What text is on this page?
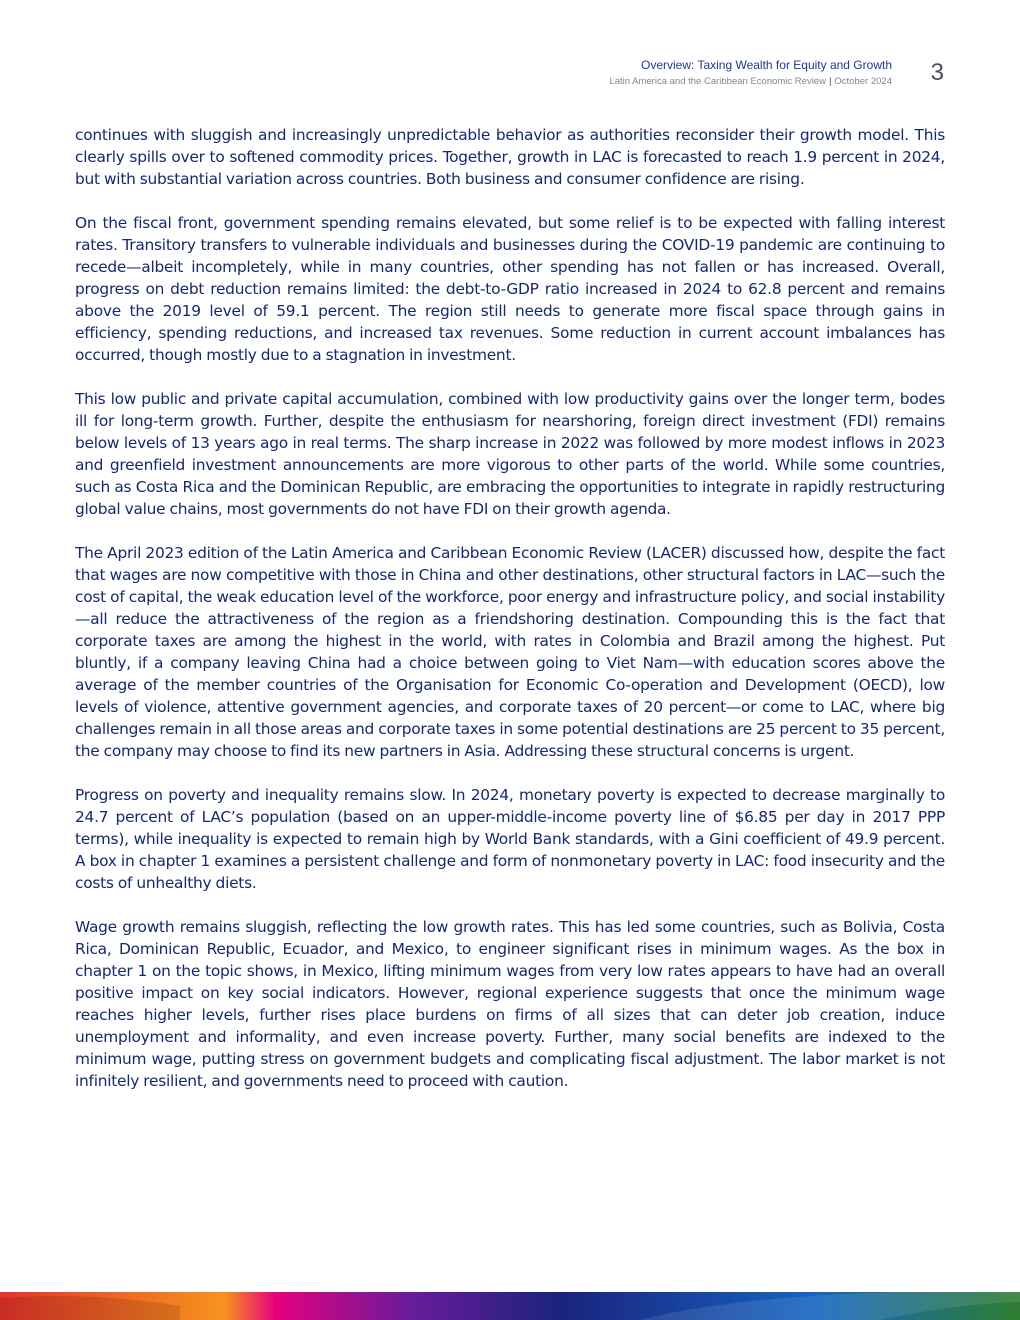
Overview: Taxing Wealth for Equity and Growth
Latin America and the Caribbean Economic Review | October 2024 3

continues with sluggish and increasingly unpredictable behavior as authorities reconsider their growth model. This clearly spills over to softened commodity prices. Together, growth in LAC is forecasted to reach 1.9 percent in 2024, but with substantial variation across countries. Both business and consumer confidence are rising.

On the fiscal front, government spending remains elevated, but some relief is to be expected with falling interest rates. Transitory transfers to vulnerable individuals and businesses during the COVID-19 pandemic are continuing to recede—albeit incompletely, while in many countries, other spending has not fallen or has increased. Overall, progress on debt reduction remains limited: the debt-to-GDP ratio increased in 2024 to 62.8 percent and remains above the 2019 level of 59.1 percent. The region still needs to generate more fiscal space through gains in efficiency, spending reductions, and increased tax revenues. Some reduction in current account imbalances has occurred, though mostly due to a stagnation in investment.

This low public and private capital accumulation, combined with low productivity gains over the longer term, bodes ill for long-term growth. Further, despite the enthusiasm for nearshoring, foreign direct investment (FDI) remains below levels of 13 years ago in real terms. The sharp increase in 2022 was followed by more modest inflows in 2023 and greenfield investment announcements are more vigorous to other parts of the world. While some countries, such as Costa Rica and the Dominican Republic, are embracing the opportunities to integrate in rapidly restructuring global value chains, most governments do not have FDI on their growth agenda.

The April 2023 edition of the Latin America and Caribbean Economic Review (LACER) discussed how, despite the fact that wages are now competitive with those in China and other destinations, other structural factors in LAC—such the cost of capital, the weak education level of the workforce, poor energy and infrastructure policy, and social instability—all reduce the attractiveness of the region as a friendshoring destination. Compounding this is the fact that corporate taxes are among the highest in the world, with rates in Colombia and Brazil among the highest. Put bluntly, if a company leaving China had a choice between going to Viet Nam—with education scores above the average of the member countries of the Organisation for Economic Co-operation and Development (OECD), low levels of violence, attentive government agencies, and corporate taxes of 20 percent—or come to LAC, where big challenges remain in all those areas and corporate taxes in some potential destinations are 25 percent to 35 percent, the company may choose to find its new partners in Asia. Addressing these structural concerns is urgent.

Progress on poverty and inequality remains slow. In 2024, monetary poverty is expected to decrease marginally to 24.7 percent of LAC’s population (based on an upper-middle-income poverty line of $6.85 per day in 2017 PPP terms), while inequality is expected to remain high by World Bank standards, with a Gini coefficient of 49.9 percent. A box in chapter 1 examines a persistent challenge and form of nonmonetary poverty in LAC: food insecurity and the costs of unhealthy diets.

Wage growth remains sluggish, reflecting the low growth rates. This has led some countries, such as Bolivia, Costa Rica, Dominican Republic, Ecuador, and Mexico, to engineer significant rises in minimum wages. As the box in chapter 1 on the topic shows, in Mexico, lifting minimum wages from very low rates appears to have had an overall positive impact on key social indicators. However, regional experience suggests that once the minimum wage reaches higher levels, further rises place burdens on firms of all sizes that can deter job creation, induce unemployment and informality, and even increase poverty. Further, many social benefits are indexed to the minimum wage, putting stress on government budgets and complicating fiscal adjustment. The labor market is not infinitely resilient, and governments need to proceed with caution.
